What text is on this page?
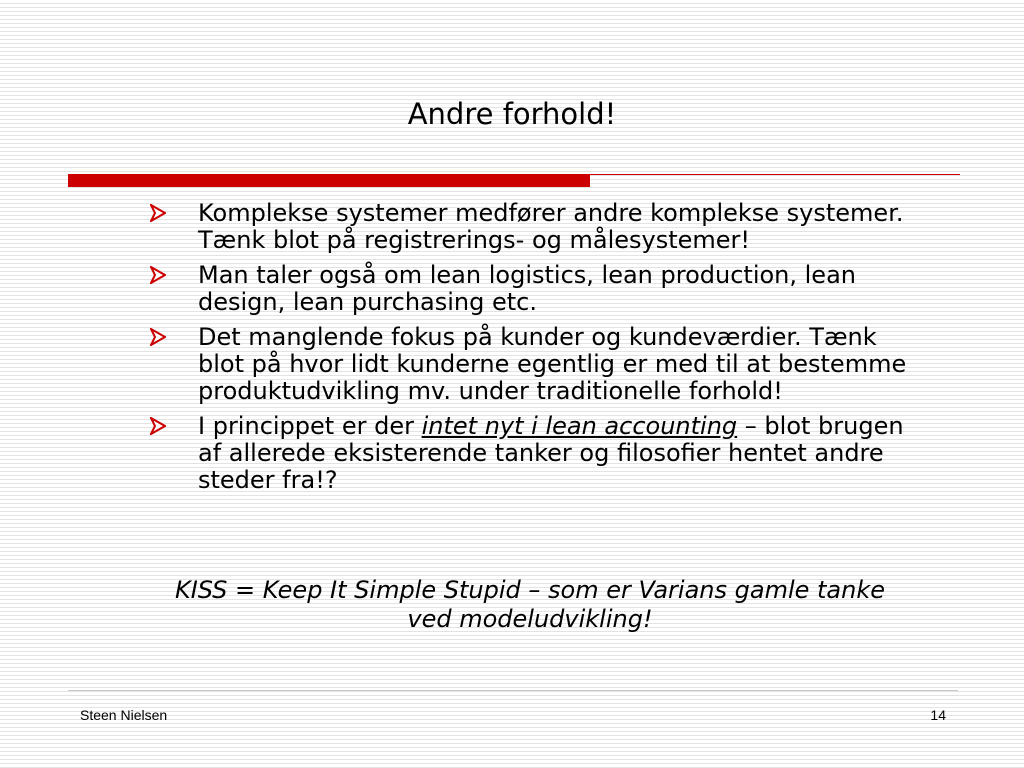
Andre forhold!
Komplekse systemer medfører andre komplekse systemer. Tænk blot på registrerings- og målesystemer!
Man taler også om lean logistics, lean production, lean design, lean purchasing etc.
Det manglende fokus på kunder og kundeværdier. Tænk blot på hvor lidt kunderne egentlig er med til at bestemme produktudvikling mv. under traditionelle forhold!
I princippet er der intet nyt i lean accounting – blot brugen af allerede eksisterende tanker og filosofier hentet andre steder fra!?
KISS = Keep It Simple Stupid – som er Varians gamle tanke ved modeludvikling!
Steen Nielsen	14
